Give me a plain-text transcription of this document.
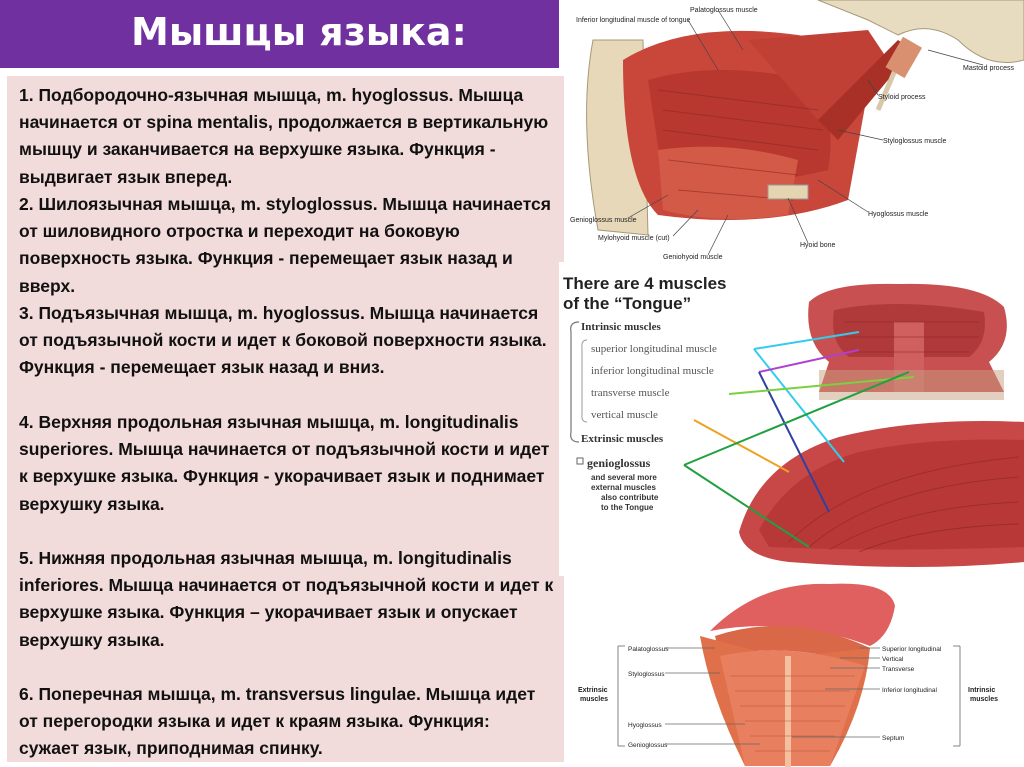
Мышцы языка:

1. Подбородочно-язычная мышца, m. hyoglossus. Мышца начинается от spina mentalis, продолжается в вертикальную мышцу и заканчивается на верхушке языка. Функция - выдвигает язык вперед.

2. Шилоязычная мышца, m. styloglossus. Мышца начинается от шиловидного отростка и переходит на боковую поверхность языка. Функция - перемещает язык назад и вверх.

3. Подъязычная мышца, m. hyoglossus. Мышца начинается от подъязычной кости и идет к боковой поверхности языка. Функция - перемещает язык назад и вниз.

4. Верхняя продольная язычная мышца, m. longitudinalis superiores. Мышца начинается от подъязычной кости и идет к верхушке языка. Функция - укорачивает язык и поднимает верхушку языка.

5. Нижняя продольная язычная мышца, m. longitudinalis inferiores. Мышца начинается от подъязычной кости и идет к верхушке языка. Функция – укорачивает язык и опускает верхушку языка.

6. Поперечная мышца, m. transversus lingulae. Мышца идет от перегородки языка и идет к краям языка. Функция: сужает язык, приподнимая спинку.

Palatoglossus muscle
Inferior longitudinal muscle of tongue
Mastoid process
Styloid process
Styloglossus muscle
Hyoglossus muscle
Genioglossus muscle
Mylohyoid muscle (cut)
Geniohyoid muscle
Hyoid bone
There are 4 muscles
of the “Tongue”
Intrinsic muscles
superior longitudinal muscle
inferior longitudinal muscle
transverse muscle
vertical muscle
Extrinsic muscles
genioglossus
and several more
external muscles
also contribute
to the Tongue
Palatoglossus
Styloglossus
Hyoglossus
Genioglossus
Extrinsic
muscles
Superior longitudinal
Vertical
Transverse
Inferior longitudinal
Septum
Intrinsic
muscles
